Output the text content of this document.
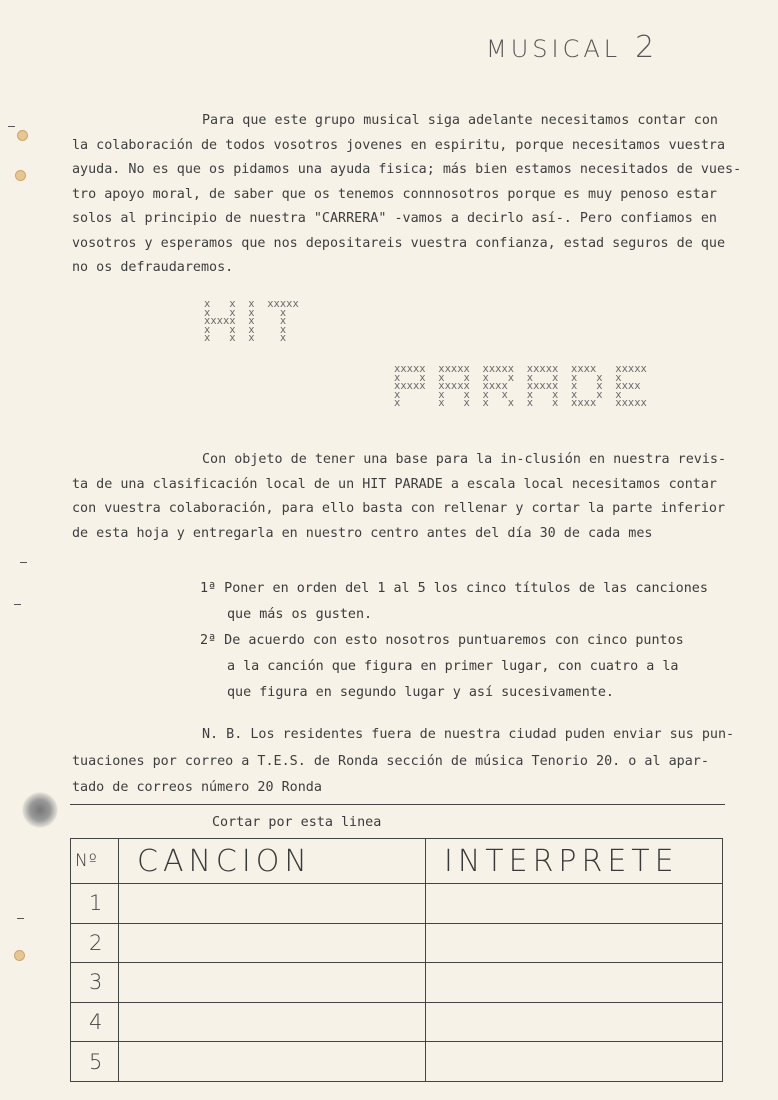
MUSICAL 2
Para que este grupo musical siga adelante necesitamos contar con
la colaboración de todos vosotros jovenes en espiritu, porque necesitamos vuestra
ayuda. No es que os pidamos una ayuda fisica; más bien estamos necesitados de vues-
tro apoyo moral, de saber que os tenemos connnosotros porque es muy penoso estar
solos al principio de nuestra "CARRERA" -vamos a decirlo así-. Pero confiamos en
vosotros y esperamos que nos depositareis vuestra confianza, estad seguros de que
no os defraudaremos.
x   x  x  xxxxx
x   x  x    x
xxxxx  x    x
x   x  x    x
x   x  x    x
xxxxx  xxxxx  xxxxx  xxxxx  xxxx   xxxxx
x   x  x   x  x   x  x   x  x   x  x
xxxxx  xxxxx  xxxx   xxxxx  x   x  xxxx
x      x   x  x  x   x   x  x   x  x
x      x   x  x   x  x   x  xxxx   xxxxx
Con objeto de tener una base para la in-clusión en nuestra revis-
ta de una clasificación local de un HIT PARADE a escala local necesitamos contar
con vuestra colaboración, para ello basta con rellenar y cortar la parte inferior
de esta hoja y entregarla en nuestro centro antes del día 30 de cada mes
1ª Poner en orden del 1 al 5 los cinco títulos de las canciones
que más os gusten.
2ª De acuerdo con esto nosotros puntuaremos con cinco puntos
a la canción que figura en primer lugar, con cuatro a la
que figura en segundo lugar y así sucesivamente.
N. B. Los residentes fuera de nuestra ciudad puden enviar sus pun-
tuaciones por correo a T.E.S. de Ronda sección de música Tenorio 20. o al apar-
tado de correos número 20 Ronda
Cortar por esta linea
Nº	CANCION	INTERPRETE
1		
2		
3		
4		
5		
